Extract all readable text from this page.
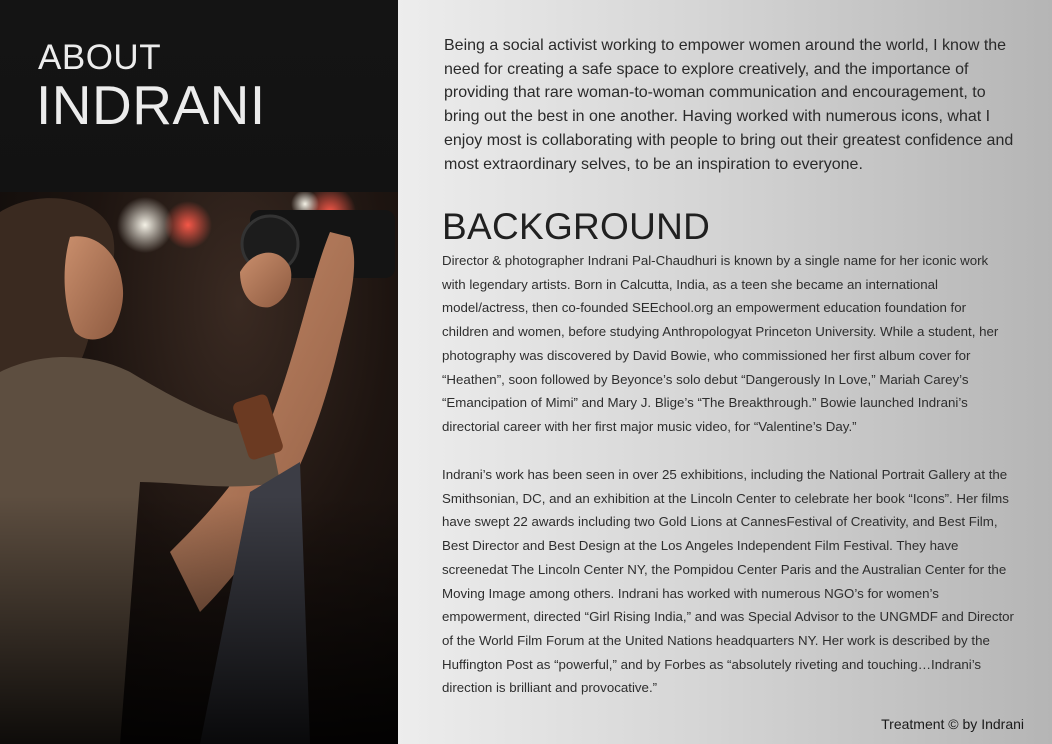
ABOUT
INDRANI

Being a social activist working to empower women around the world, I know the need for creating a safe space to explore creatively, and the importance of providing that rare woman-to-woman communication and encouragement, to bring out the best in one another. Having worked with numerous icons, what I enjoy most is collaborating with people to bring out their greatest confidence and most extraordinary selves, to be an inspiration to everyone.

BACKGROUND

Director & photographer Indrani Pal-Chaudhuri is known by a single name for her iconic work with legendary artists. Born in Calcutta, India, as a teen she became an international model/actress, then co-founded SEEchool.org an empowerment education foundation for children and women, before studying Anthropologyat Princeton University. While a student, her photography was discovered by David Bowie, who commissioned her first album cover for “Heathen”, soon followed by Beyonce’s solo debut “Dangerously In Love,” Mariah Carey’s “Emancipation of Mimi” and Mary J. Blige’s “The Breakthrough.” Bowie launched Indrani’s directorial career with her first major music video, for “Valentine’s Day.”

Indrani’s work has been seen in over 25 exhibitions, including the National Portrait Gallery at the Smithsonian, DC, and an exhibition at the Lincoln Center to celebrate her book “Icons”. Her films have swept 22 awards including two Gold Lions at CannesFestival of Creativity, and Best Film, Best Director and Best Design at the Los Angeles Independent Film Festival. They have screenedat The Lincoln Center NY, the Pompidou Center Paris and the Australian Center for the Moving Image among others. Indrani has worked with numerous NGO’s for women’s empowerment, directed “Girl Rising India,” and was Special Advisor to the UNGMDF and Director of the World Film Forum at the United Nations headquarters NY. Her work is described by the Huffington Post as “powerful,” and by Forbes as “absolutely riveting and touching…Indrani’s direction is brilliant and provocative.”

Treatment © by Indrani
